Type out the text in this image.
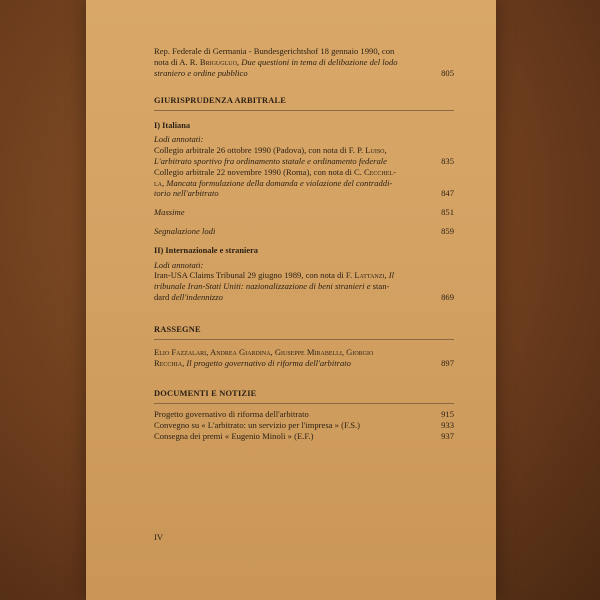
Rep. Federale di Germania - Bundesgerichtshof 18 gennaio 1990, con
nota di A. R. Brigugluo, Due questioni in tema di delibazione del lodo
straniero e ordine pubblico	805
GIURISPRUDENZA ARBITRALE
I) Italiana
Lodi annotati:
Collegio arbitrale 26 ottobre 1990 (Padova), con nota di F. P. Luiso,
L'arbitrato sportivo fra ordinamento statale e ordinamento federale	835
Collegio arbitrale 22 novembre 1990 (Roma), con nota di C. Cecchel-
la, Mancata formulazione della domanda e violazione del contraddi-
torio nell'arbitrato	847
Massime	851
Segnalazione lodi	859
II) Internazionale e straniera
Lodi annotati:
Iran-USA Claims Tribunal 29 giugno 1989, con nota di F. Lattanzi, Il
tribunale Iran-Stati Uniti: nazionalizzazione di beni stranieri e stan-
dard dell'indennizzo	869
RASSEGNE
Elio Fazzalari, Andrea Giardina, Giuseppe Mirabelli, Giorgio
Recchia, Il progetto governativo di riforma dell'arbitrato	897
DOCUMENTI E NOTIZIE
Progetto governativo di riforma dell'arbitrato	915
Convegno su « L'arbitrato: un servizio per l'impresa » (F.S.)	933
Consegna dei premi « Eugenio Minoli » (E.F.)	937
IV
